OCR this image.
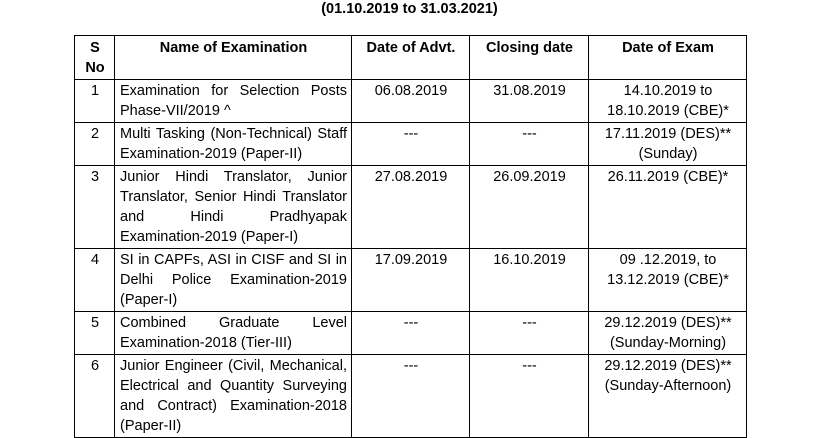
(01.10.2019 to 31.03.2021)
S No	Name of Examination	Date of Advt.	Closing date	Date of Exam
1	Examination for Selection Posts Phase-VII/2019 ^	06.08.2019	31.08.2019	14.10.2019 to 18.10.2019 (CBE)*
2	Multi Tasking (Non-Technical) Staff Examination-2019 (Paper-II)	---	---	17.11.2019 (DES)** (Sunday)
3	Junior Hindi Translator, Junior Translator, Senior Hindi Translator and Hindi Pradhyapak Examination-2019 (Paper-I)	27.08.2019	26.09.2019	26.11.2019 (CBE)*
4	SI in CAPFs, ASI in CISF and SI in Delhi Police Examination-2019 (Paper-I)	17.09.2019	16.10.2019	09 .12.2019, to 13.12.2019 (CBE)*
5	Combined Graduate Level Examination-2018 (Tier-III)	---	---	29.12.2019 (DES)** (Sunday-Morning)
6	Junior Engineer (Civil, Mechanical, Electrical and Quantity Surveying and Contract) Examination-2018 (Paper-II)	---	---	29.12.2019 (DES)** (Sunday-Afternoon)
